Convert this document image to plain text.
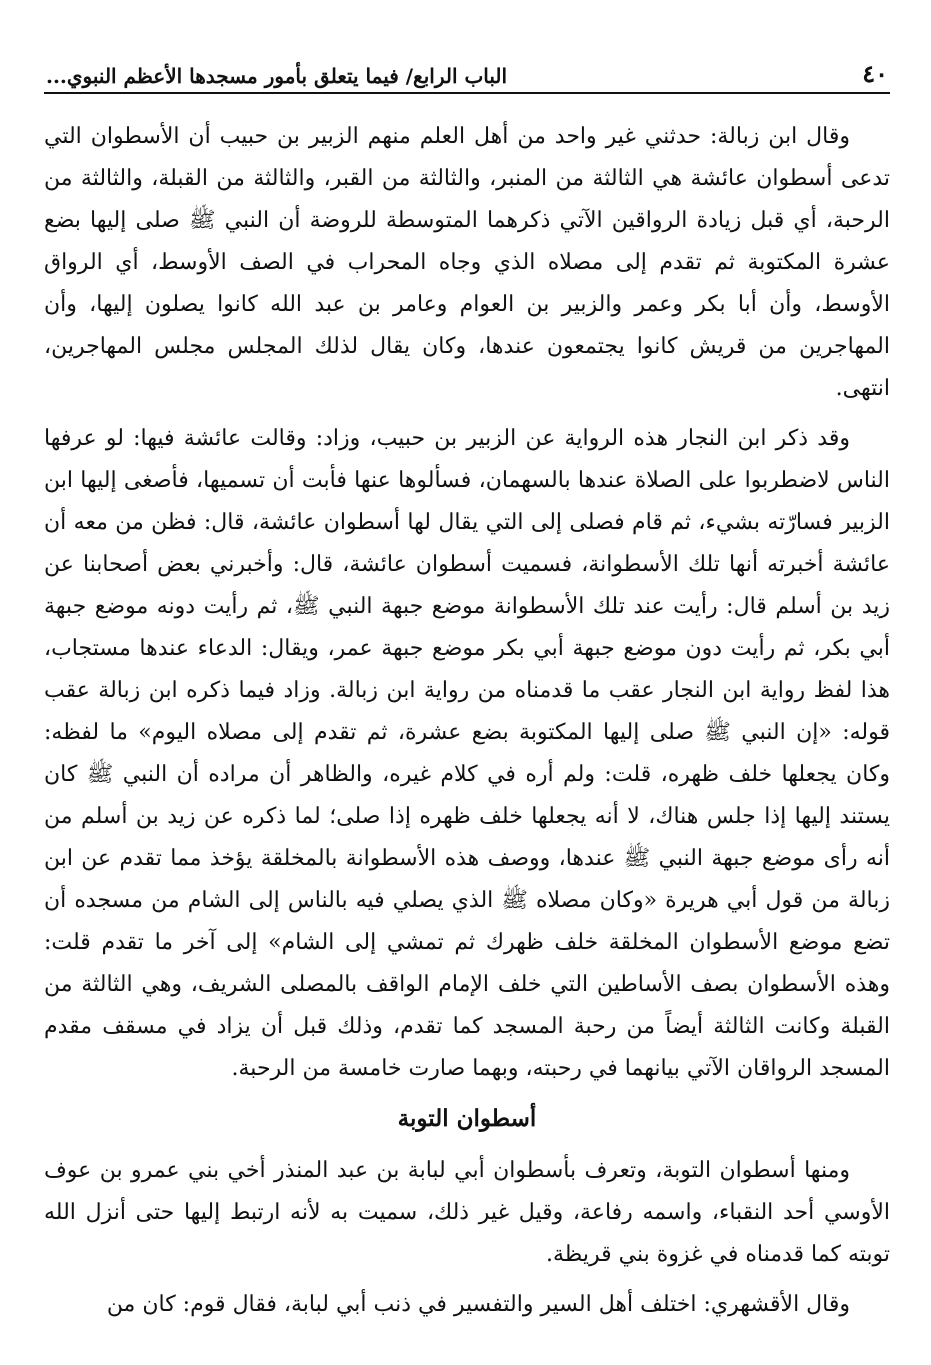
٤٠
الباب الرابع/ فيما يتعلق بأمور مسجدها الأعظم النبوي...

وقال ابن زبالة: حدثني غير واحد من أهل العلم منهم الزبير بن حبيب أن الأسطوان التي تدعى أسطوان عائشة هي الثالثة من المنبر، والثالثة من القبر، والثالثة من القبلة، والثالثة من الرحبة، أي قبل زيادة الرواقين الآتي ذكرهما المتوسطة للروضة أن النبي ﷺ صلى إليها بضع عشرة المكتوبة ثم تقدم إلى مصلاه الذي وجاه المحراب في الصف الأوسط، أي الرواق الأوسط، وأن أبا بكر وعمر والزبير بن العوام وعامر بن عبد الله كانوا يصلون إليها، وأن المهاجرين من قريش كانوا يجتمعون عندها، وكان يقال لذلك المجلس مجلس المهاجرين، انتهى.

وقد ذكر ابن النجار هذه الرواية عن الزبير بن حبيب، وزاد: وقالت عائشة فيها: لو عرفها الناس لاضطربوا على الصلاة عندها بالسهمان، فسألوها عنها فأبت أن تسميها، فأصغى إليها ابن الزبير فسارّته بشيء، ثم قام فصلى إلى التي يقال لها أسطوان عائشة، قال: فظن من معه أن عائشة أخبرته أنها تلك الأسطوانة، فسميت أسطوان عائشة، قال: وأخبرني بعض أصحابنا عن زيد بن أسلم قال: رأيت عند تلك الأسطوانة موضع جبهة النبي ﷺ، ثم رأيت دونه موضع جبهة أبي بكر، ثم رأيت دون موضع جبهة أبي بكر موضع جبهة عمر، ويقال: الدعاء عندها مستجاب، هذا لفظ رواية ابن النجار عقب ما قدمناه من رواية ابن زبالة. وزاد فيما ذكره ابن زبالة عقب قوله: «إن النبي ﷺ صلى إليها المكتوبة بضع عشرة، ثم تقدم إلى مصلاه اليوم» ما لفظه: وكان يجعلها خلف ظهره، قلت: ولم أره في كلام غيره، والظاهر أن مراده أن النبي ﷺ كان يستند إليها إذا جلس هناك، لا أنه يجعلها خلف ظهره إذا صلى؛ لما ذكره عن زيد بن أسلم من أنه رأى موضع جبهة النبي ﷺ عندها، ووصف هذه الأسطوانة بالمخلقة يؤخذ مما تقدم عن ابن زبالة من قول أبي هريرة «وكان مصلاه ﷺ الذي يصلي فيه بالناس إلى الشام من مسجده أن تضع موضع الأسطوان المخلقة خلف ظهرك ثم تمشي إلى الشام» إلى آخر ما تقدم قلت: وهذه الأسطوان بصف الأساطين التي خلف الإمام الواقف بالمصلى الشريف، وهي الثالثة من القبلة وكانت الثالثة أيضاً من رحبة المسجد كما تقدم، وذلك قبل أن يزاد في مسقف مقدم المسجد الرواقان الآتي بيانهما في رحبته، وبهما صارت خامسة من الرحبة.

أسطوان التوبة

ومنها أسطوان التوبة، وتعرف بأسطوان أبي لبابة بن عبد المنذر أخي بني عمرو بن عوف الأوسي أحد النقباء، واسمه رفاعة، وقيل غير ذلك، سميت به لأنه ارتبط إليها حتى أنزل الله توبته كما قدمناه في غزوة بني قريظة.

وقال الأقشهري: اختلف أهل السير والتفسير في ذنب أبي لبابة، فقال قوم: كان من
